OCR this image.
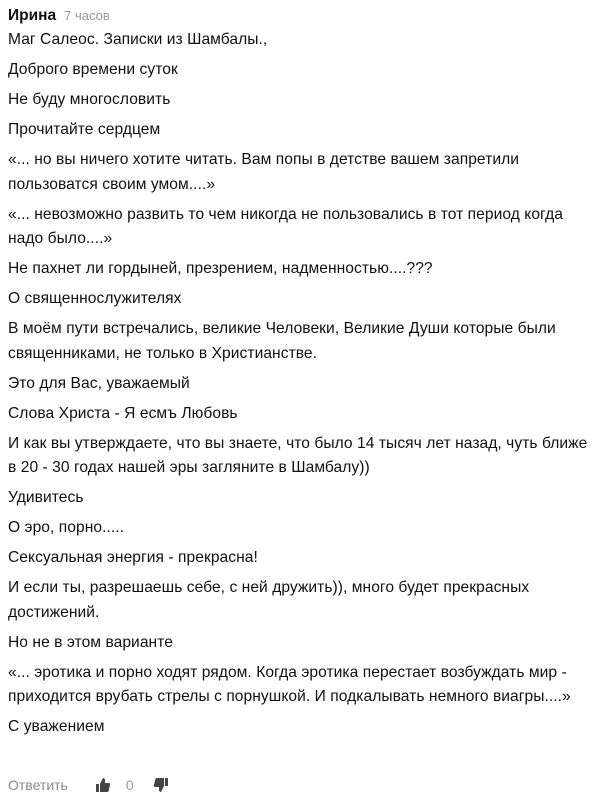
Ирина 7 часов

Маг Салеос. Записки из Шамбалы.,

Доброго времени суток

Не буду многословить

Прочитайте сердцем

«... но вы ничего хотите читать. Вам попы в детстве вашем запретили пользоватся своим умом....»

«... невозможно развить то чем никогда не пользовались в тот период когда надо было....»

Не пахнет ли гордыней, презрением, надменностью....???

О священнослужителях

В моём пути встречались, великие Человеки, Великие Души которые были священниками, не только в Христианстве.

Это для Вас, уважаемый

Слова Христа - Я есмъ Любовь

И как вы утверждаете, что вы знаете, что было 14 тысяч лет назад, чуть ближе в 20 - 30 годах нашей эры загляните в Шамбалу))

Удивитесь

О эро, порно.....

Сексуальная энергия - прекрасна!

И если ты, разрешаешь себе, с ней дружить)), много будет прекрасных достижений.

Но не в этом варианте

«... эротика и порно ходят рядом. Когда эротика перестает возбуждать мир - приходится врубать стрелы с порнушкой. И подкалывать немного виагры....»

С уважением

Ответить	0
